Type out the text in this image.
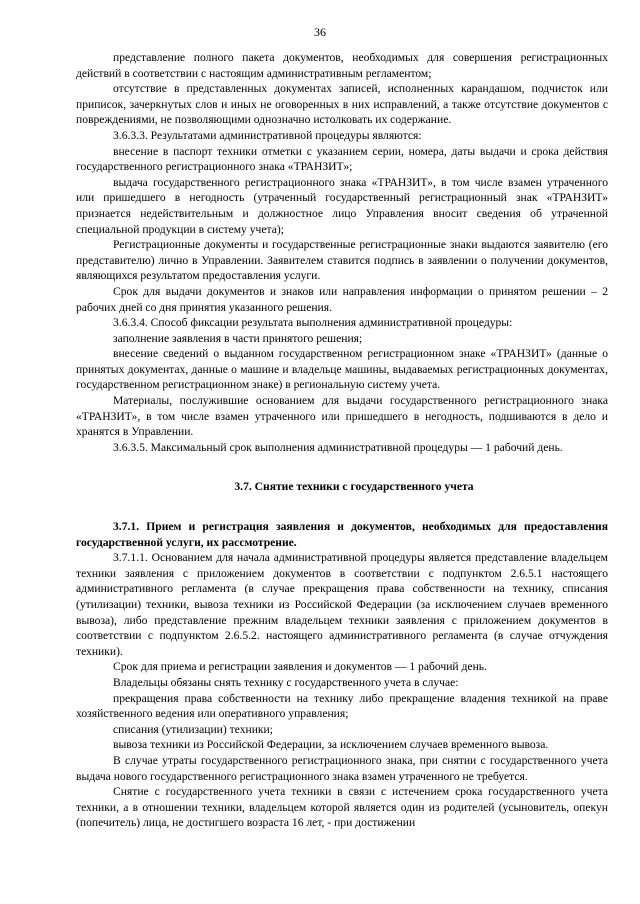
36

представление полного пакета документов, необходимых для совершения регистрационных действий в соответствии с настоящим административным регламентом;

отсутствие в представленных документах записей, исполненных карандашом, подчисток или приписок, зачеркнутых слов и иных не оговоренных в них исправлений, а также отсутствие документов с повреждениями, не позволяющими однозначно истолковать их содержание.

3.6.3.3. Результатами административной процедуры являются:

внесение в паспорт техники отметки с указанием серии, номера, даты выдачи и срока действия государственного регистрационного знака «ТРАНЗИТ»;

выдача государственного регистрационного знака «ТРАНЗИТ», в том числе взамен утраченного или пришедшего в негодность (утраченный государственный регистрационный знак «ТРАНЗИТ» признается недействительным и должностное лицо Управления вносит сведения об утраченной специальной продукции в систему учета);

Регистрационные документы и государственные регистрационные знаки выдаются заявителю (его представителю) лично в Управлении. Заявителем ставится подпись в заявлении о получении документов, являющихся результатом предоставления услуги.

Срок для выдачи документов и знаков или направления информации о принятом решении – 2 рабочих дней со дня принятия указанного решения.

3.6.3.4. Способ фиксации результата выполнения административной процедуры:

заполнение заявления в части принятого решения;

внесение сведений о выданном государственном регистрационном знаке «ТРАНЗИТ» (данные о принятых документах, данные о машине и владельце машины, выдаваемых регистрационных документах, государственном регистрационном знаке) в региональную систему учета.

Материалы, послужившие основанием для выдачи государственного регистрационного знака «ТРАНЗИТ», в том числе взамен утраченного или пришедшего в негодность, подшиваются в дело и хранятся в Управлении.

3.6.3.5. Максимальный срок выполнения административной процедуры — 1 рабочий день.

3.7. Снятие техники с государственного учета

3.7.1. Прием и регистрация заявления и документов, необходимых для предоставления государственной услуги, их рассмотрение.

3.7.1.1. Основанием для начала административной процедуры является представление владельцем техники заявления с приложением документов в соответствии с подпунктом 2.6.5.1 настоящего административного регламента (в случае прекращения права собственности на технику, списания (утилизации) техники, вывоза техники из Российской Федерации (за исключением случаев временного вывоза), либо представление прежним владельцем техники заявления с приложением документов в соответствии с подпунктом 2.6.5.2. настоящего административного регламента (в случае отчуждения техники).

Срок для приема и регистрации заявления и документов — 1 рабочий день.

Владельцы обязаны снять технику с государственного учета в случае:

прекращения права собственности на технику либо прекращение владения техникой на праве хозяйственного ведения или оперативного управления;

списания (утилизации) техники;

вывоза техники из Российской Федерации, за исключением случаев временного вывоза.

В случае утраты государственного регистрационного знака, при снятии с государственного учета выдача нового государственного регистрационного знака взамен утраченного не требуется.

Снятие с государственного учета техники в связи с истечением срока государственного учета техники, а в отношении техники, владельцем которой является один из родителей (усыновитель, опекун (попечитель) лица, не достигшего возраста 16 лет, - при достижении
